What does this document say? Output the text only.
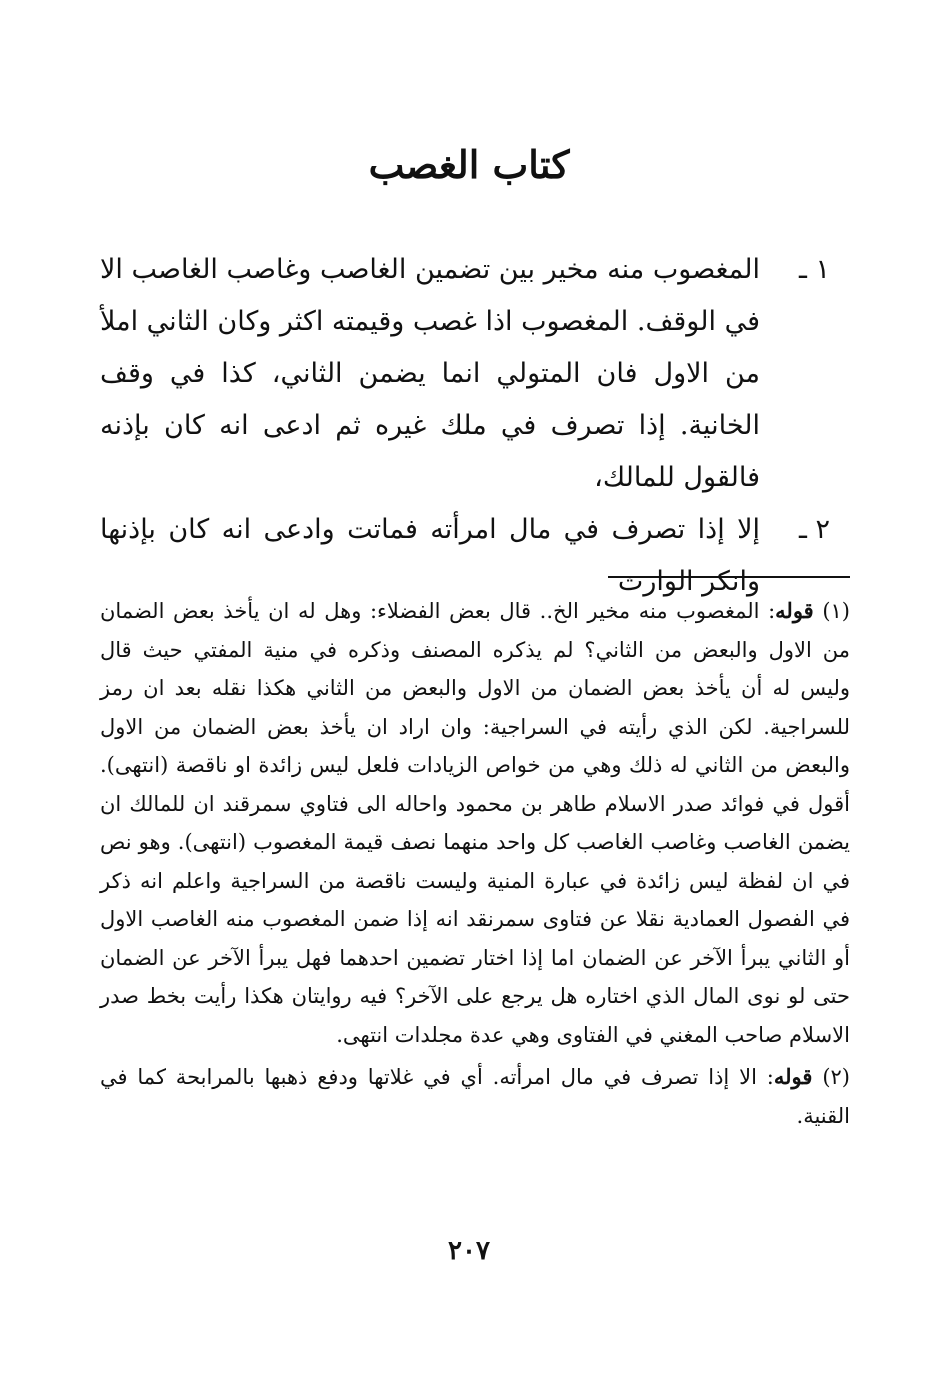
كتاب الغصب
١ ـ
المغصوب منه مخير بين تضمين الغاصب وغاصب الغاصب الا في الوقف. المغصوب اذا غصب وقيمته اكثر وكان الثاني املأ من الاول فان المتولي انما يضمن الثاني، كذا في وقف الخانية. إذا تصرف في ملك غيره ثم ادعى انه كان بإذنه فالقول للمالك،
٢ ـ
إلا إذا تصرف في مال امرأته فماتت وادعى انه كان بإذنها وانكر الوارث

(١) قوله: المغصوب منه مخير الخ.. قال بعض الفضلاء: وهل له ان يأخذ بعض الضمان من الاول والبعض من الثاني؟ لم يذكره المصنف وذكره في منية المفتي حيث قال وليس له أن يأخذ بعض الضمان من الاول والبعض من الثاني هكذا نقله بعد ان رمز للسراجية. لكن الذي رأيته في السراجية: وان اراد ان يأخذ بعض الضمان من الاول والبعض من الثاني له ذلك وهي من خواص الزيادات فلعل ليس زائدة او ناقصة (انتهى). أقول في فوائد صدر الاسلام طاهر بن محمود واحاله الى فتاوي سمرقند ان للمالك ان يضمن الغاصب وغاصب الغاصب كل واحد منهما نصف قيمة المغصوب (انتهى). وهو نص في ان لفظة ليس زائدة في عبارة المنية وليست ناقصة من السراجية واعلم انه ذكر في الفصول العمادية نقلا عن فتاوى سمرنقد انه إذا ضمن المغصوب منه الغاصب الاول أو الثاني يبرأ الآخر عن الضمان اما إذا اختار تضمين احدهما فهل يبرأ الآخر عن الضمان حتى لو نوى المال الذي اختاره هل يرجع على الآخر؟ فيه روايتان هكذا رأيت بخط صدر الاسلام صاحب المغني في الفتاوى وهي عدة مجلدات انتهى.

(٢) قوله: الا إذا تصرف في مال امرأته. أي في غلاتها ودفع ذهبها بالمرابحة كما في القنية.

٢٠٧
